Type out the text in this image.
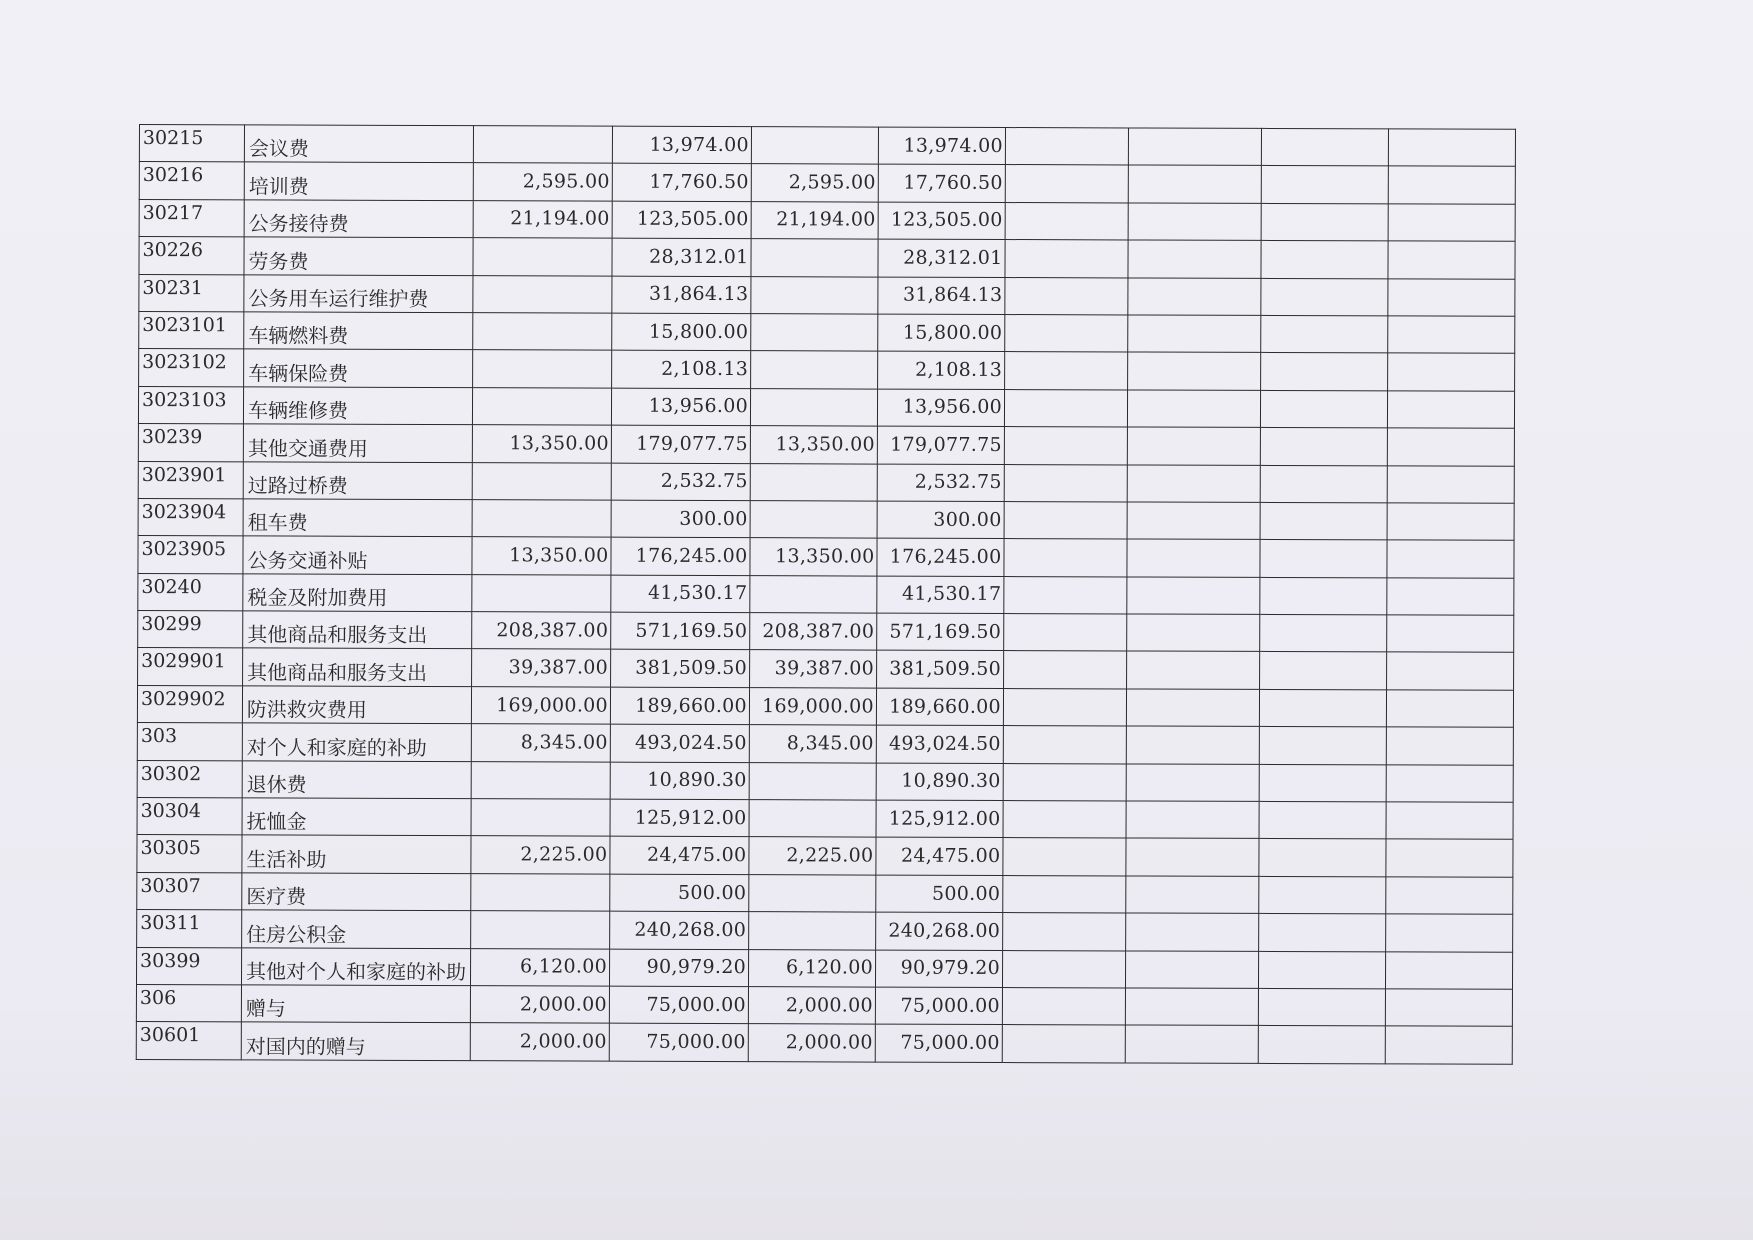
30215	会议费		13,974.00		13,974.00				
30216	培训费	2,595.00	17,760.50	2,595.00	17,760.50				
30217	公务接待费	21,194.00	123,505.00	21,194.00	123,505.00				
30226	劳务费		28,312.01		28,312.01				
30231	公务用车运行维护费		31,864.13		31,864.13				
3023101	车辆燃料费		15,800.00		15,800.00				
3023102	车辆保险费		2,108.13		2,108.13				
3023103	车辆维修费		13,956.00		13,956.00				
30239	其他交通费用	13,350.00	179,077.75	13,350.00	179,077.75				
3023901	过路过桥费		2,532.75		2,532.75				
3023904	租车费		300.00		300.00				
3023905	公务交通补贴	13,350.00	176,245.00	13,350.00	176,245.00				
30240	税金及附加费用		41,530.17		41,530.17				
30299	其他商品和服务支出	208,387.00	571,169.50	208,387.00	571,169.50				
3029901	其他商品和服务支出	39,387.00	381,509.50	39,387.00	381,509.50				
3029902	防洪救灾费用	169,000.00	189,660.00	169,000.00	189,660.00				
303	对个人和家庭的补助	8,345.00	493,024.50	8,345.00	493,024.50				
30302	退休费		10,890.30		10,890.30				
30304	抚恤金		125,912.00		125,912.00				
30305	生活补助	2,225.00	24,475.00	2,225.00	24,475.00				
30307	医疗费		500.00		500.00				
30311	住房公积金		240,268.00		240,268.00				
30399	其他对个人和家庭的补助	6,120.00	90,979.20	6,120.00	90,979.20				
306	赠与	2,000.00	75,000.00	2,000.00	75,000.00				
30601	对国内的赠与	2,000.00	75,000.00	2,000.00	75,000.00				
